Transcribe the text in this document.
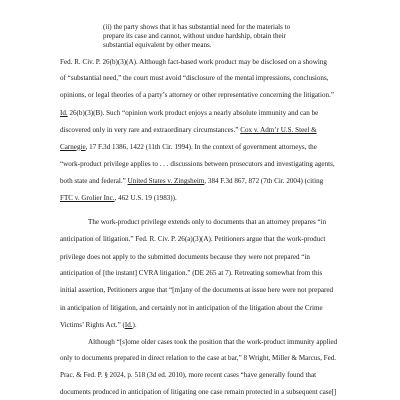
(ii) the party shows that it has substantial need for the materials to
prepare its case and cannot, without undue hardship, obtain their
substantial equivalent by other means.
Fed. R. Civ. P. 26(b)(3)(A). Although fact-based work product may be disclosed on a showing
of “substantial need,” the court must avoid “disclosure of the mental impressions, conclusions,
opinions, or legal theories of a party’s attorney or other representative concerning the litigation.”
Id. 26(b)(3)(B). Such “opinion work product enjoys a nearly absolute immunity and can be
discovered only in very rare and extraordinary circumstances.” Cox v. Adm’r U.S. Steel &
Carnegie, 17 F.3d 1386, 1422 (11th Cir. 1994). In the context of government attorneys, the
“work-product privilege applies to . . . discussions between prosecutors and investigating agents,
both state and federal.” United States v. Zingsheim, 384 F.3d 867, 872 (7th Cir. 2004) (citing
FTC v. Grolier Inc., 462 U.S. 19 (1983)).
The work-product privilege extends only to documents that an attorney prepares “in
anticipation of litigation.” Fed. R. Civ. P. 26(a)(3)(A). Petitioners argue that the work-product
privilege does not apply to the submitted documents because they were not prepared “in
anticipation of [the instant] CVRA litigation.” (DE 265 at 7). Retreating somewhat from this
initial assertion, Petitioners argue that “[m]any of the documents at issue here were not prepared
in anticipation of litigation, and certainly not in anticipation of the litigation about the Crime
Victims’ Rights Act.” (Id.).
Although “[s]ome older cases took the position that the work-product immunity applied
only to documents prepared in direct relation to the case at bar,” 8 Wright, Miller & Marcus, Fed.
Prac. & Fed. P. § 2024, p. 518 (3d ed. 2010), more recent cases “have generally found that
documents produced in anticipation of litigating one case remain protected in a subsequent case[]
